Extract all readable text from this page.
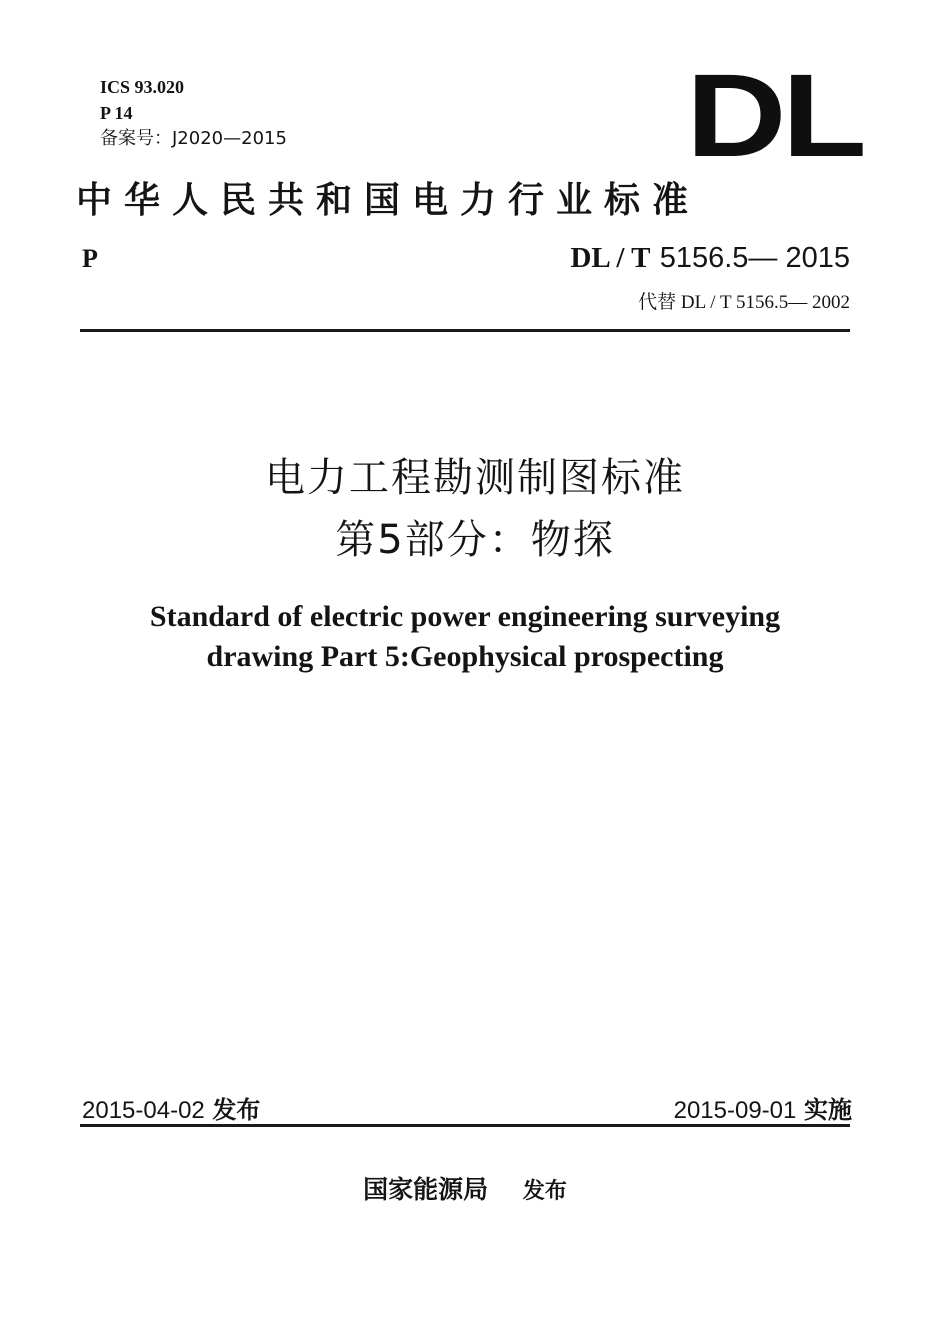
ICS 93.020
P 14
备案号：J2020—2015	DL
中华人民共和国电力行业标准
P	DL / T 5156.5— 2015
代替 DL / T 5156.5— 2002
电力工程勘测制图标准
第5部分：物探
Standard of electric power engineering surveying
drawing Part 5:Geophysical prospecting
2015-04-02 发布	2015-09-01 实施
国家能源局 发布
